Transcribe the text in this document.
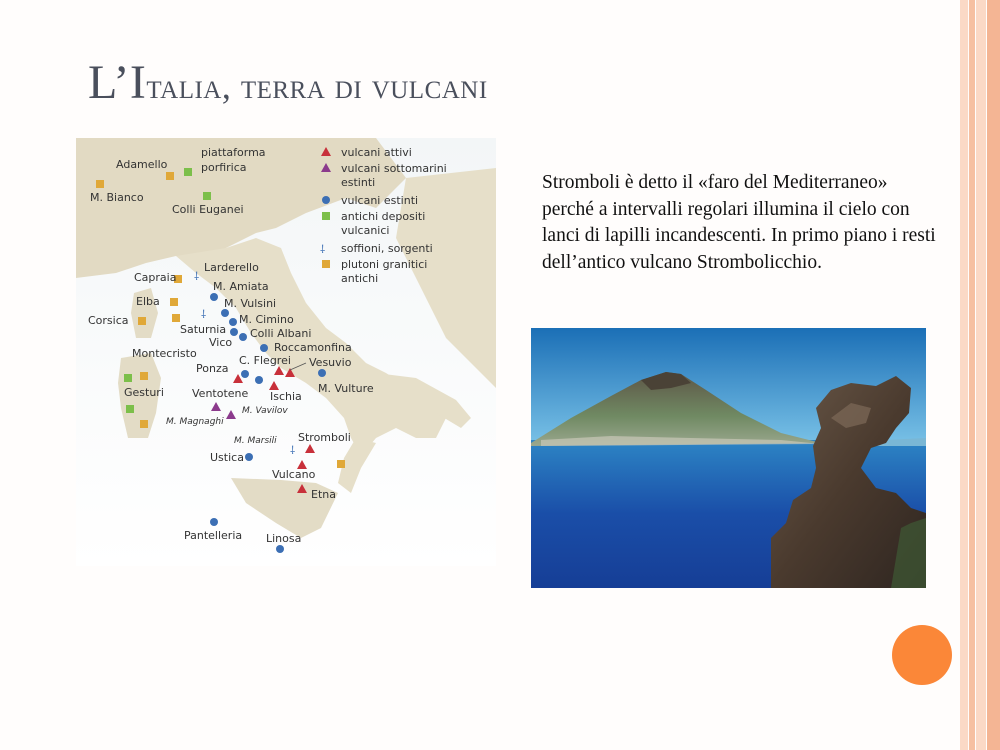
L’Italia, terra di vulcani
vulcani attivi
vulcani sottomarini
estinti
vulcani estinti
antichi depositi
vulcanici
⸸ soffioni, sorgenti
plutoni granitici
antichi
Adamello
piattaforma
porfirica
M. Bianco
Colli Euganei
⸸
Larderello
Capraia
M. Amiata
Elba	M. Vulsini
M. Cimino
Corsica	⸸
Saturnia Colli Albani
Vico	Roccamonfina
Montecristo
C. Flegrei Vesuvio
Ponza
Ventotene Ischia
M. Vulture
Gesturi
M. Vavilov
M. Magnaghi
M. Marsili Stromboli
⸸
Ustica
Vulcano
Etna
Pantelleria Linosa
Stromboli è detto il «faro del Mediterraneo» perché a intervalli regolari illumina il cielo con lanci di lapilli incandescenti. In primo piano i resti dell’antico vulcano Strombolicchio.
